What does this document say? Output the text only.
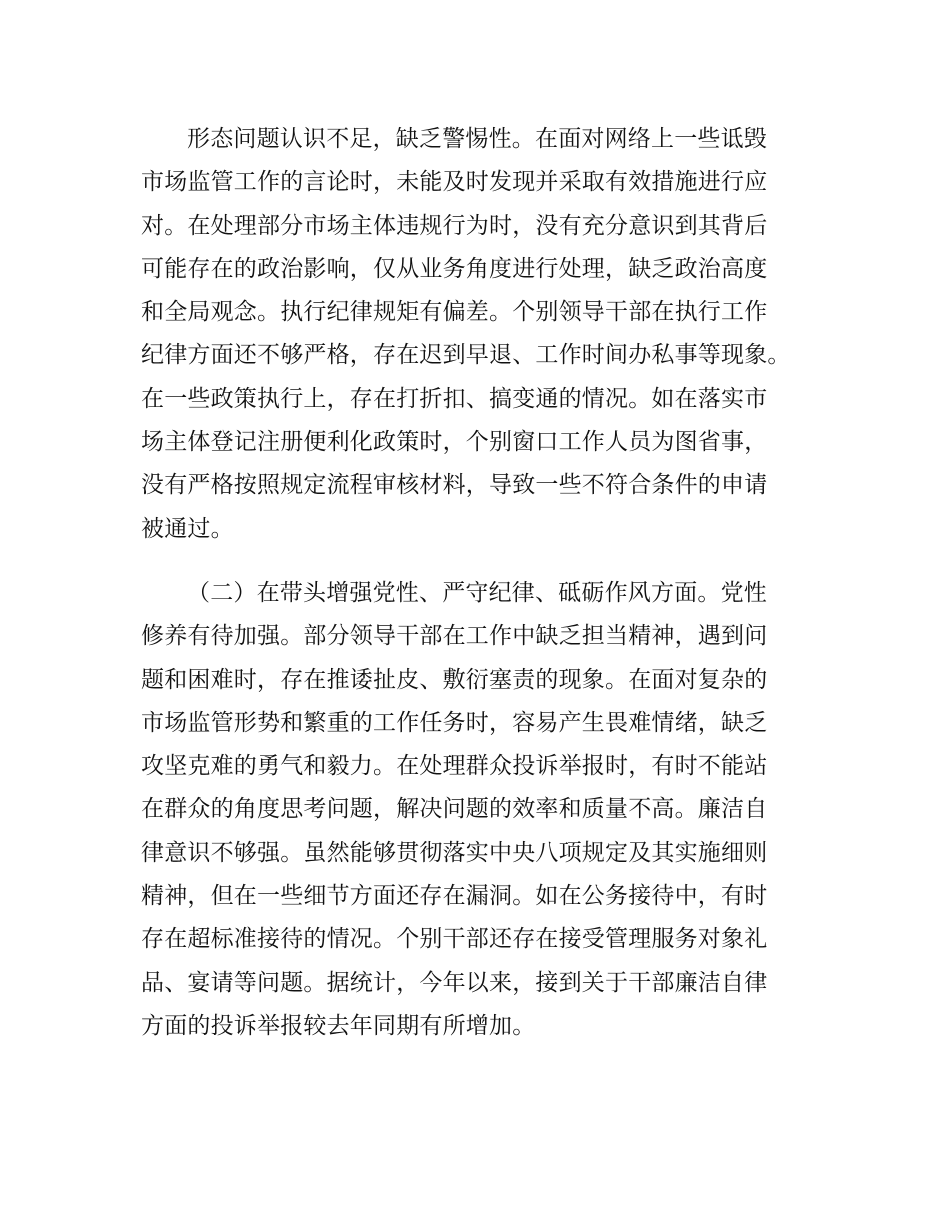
形态问题认识不足，缺乏警惕性。在面对网络上一些诋毁
市场监管工作的言论时，未能及时发现并采取有效措施进行应
对。在处理部分市场主体违规行为时，没有充分意识到其背后
可能存在的政治影响，仅从业务角度进行处理，缺乏政治高度
和全局观念。执行纪律规矩有偏差。个别领导干部在执行工作
纪律方面还不够严格，存在迟到早退、工作时间办私事等现象。
在一些政策执行上，存在打折扣、搞变通的情况。如在落实市
场主体登记注册便利化政策时，个别窗口工作人员为图省事，
没有严格按照规定流程审核材料，导致一些不符合条件的申请
被通过。
（二）在带头增强党性、严守纪律、砥砺作风方面。党性
修养有待加强。部分领导干部在工作中缺乏担当精神，遇到问
题和困难时，存在推诿扯皮、敷衍塞责的现象。在面对复杂的
市场监管形势和繁重的工作任务时，容易产生畏难情绪，缺乏
攻坚克难的勇气和毅力。在处理群众投诉举报时，有时不能站
在群众的角度思考问题，解决问题的效率和质量不高。廉洁自
律意识不够强。虽然能够贯彻落实中央八项规定及其实施细则
精神，但在一些细节方面还存在漏洞。如在公务接待中，有时
存在超标准接待的情况。个别干部还存在接受管理服务对象礼
品、宴请等问题。据统计，今年以来，接到关于干部廉洁自律
方面的投诉举报较去年同期有所增加。
